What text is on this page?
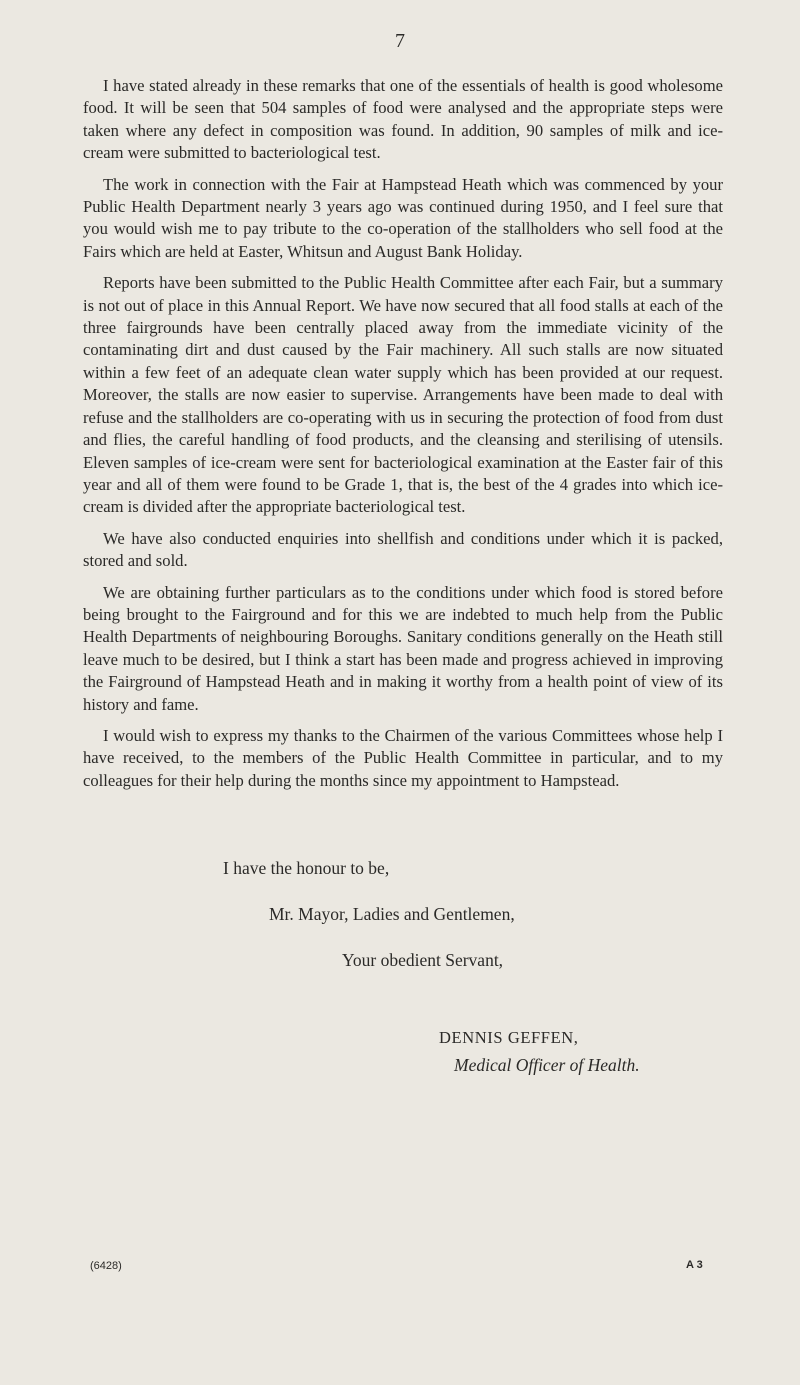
7

I have stated already in these remarks that one of the essentials of health is good wholesome food. It will be seen that 504 samples of food were analysed and the appropriate steps were taken where any defect in composition was found. In addition, 90 samples of milk and ice-cream were submitted to bacteriological test.

The work in connection with the Fair at Hampstead Heath which was commenced by your Public Health Department nearly 3 years ago was continued during 1950, and I feel sure that you would wish me to pay tribute to the co-operation of the stallholders who sell food at the Fairs which are held at Easter, Whitsun and August Bank Holiday.

Reports have been submitted to the Public Health Committee after each Fair, but a summary is not out of place in this Annual Report. We have now secured that all food stalls at each of the three fairgrounds have been centrally placed away from the immediate vicinity of the contaminating dirt and dust caused by the Fair machinery. All such stalls are now situated within a few feet of an adequate clean water supply which has been provided at our request. Moreover, the stalls are now easier to supervise. Arrangements have been made to deal with refuse and the stallholders are co-operating with us in securing the protection of food from dust and flies, the careful handling of food products, and the cleansing and sterilising of utensils. Eleven samples of ice-cream were sent for bacteriological examination at the Easter fair of this year and all of them were found to be Grade 1, that is, the best of the 4 grades into which ice-cream is divided after the appropriate bacteriological test.

We have also conducted enquiries into shellfish and conditions under which it is packed, stored and sold.

We are obtaining further particulars as to the conditions under which food is stored before being brought to the Fairground and for this we are indebted to much help from the Public Health Departments of neighbouring Boroughs. Sanitary conditions generally on the Heath still leave much to be desired, but I think a start has been made and progress achieved in improving the Fairground of Hampstead Heath and in making it worthy from a health point of view of its history and fame.

I would wish to express my thanks to the Chairmen of the various Committees whose help I have received, to the members of the Public Health Committee in particular, and to my colleagues for their help during the months since my appointment to Hampstead.

I have the honour to be,
Mr. Mayor, Ladies and Gentlemen,
Your obedient Servant,
DENNIS GEFFEN,
Medical Officer of Health.
(6428)	A 3
